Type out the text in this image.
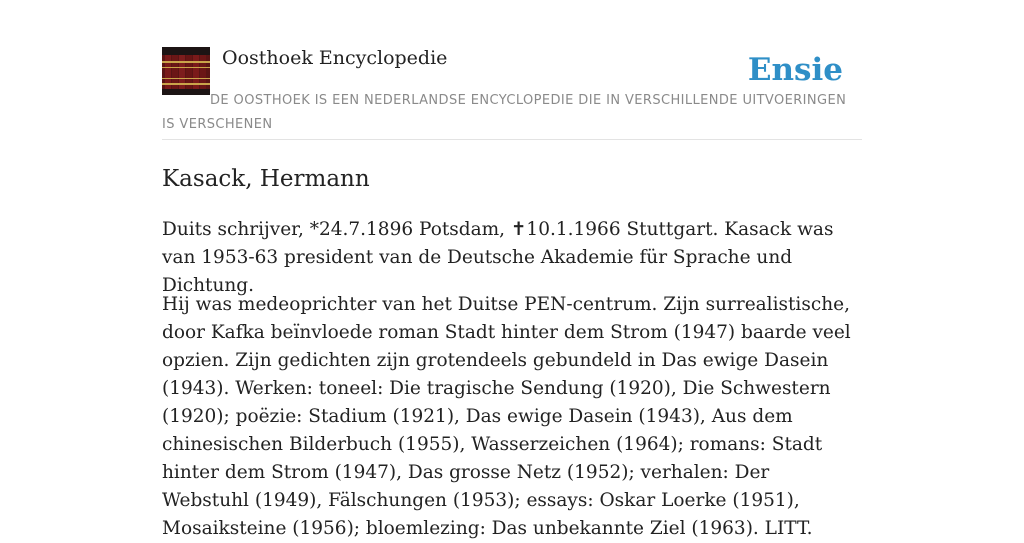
Oosthoek Encyclopedie	Ensie

DE OOSTHOEK IS EEN NEDERLANDSE ENCYCLOPEDIE DIE IN VERSCHILLENDE UITVOERINGEN IS VERSCHENEN

Kasack, Hermann

Duits schrijver, *24.7.1896 Potsdam, ✝10.1.1966 Stuttgart. Kasack was van 1953-63 president van de Deutsche Akademie für Sprache und Dichtung.

Hij was medeoprichter van het Duitse PEN-centrum. Zijn surrealistische, door Kafka beïnvloede roman Stadt hinter dem Strom (1947) baarde veel opzien. Zijn gedichten zijn grotendeels gebundeld in Das ewige Dasein (1943). Werken: toneel: Die tragische Sendung (1920), Die Schwestern (1920); poëzie: Stadium (1921), Das ewige Dasein (1943), Aus dem chinesischen Bilderbuch (1955), Wasserzeichen (1964); romans: Stadt hinter dem Strom (1947), Das grosse Netz (1952); verhalen: Der Webstuhl (1949), Fälschungen (1953); essays: Oskar Loerke (1951), Mosaiksteine (1956); bloemlezing: Das unbekannte Ziel (1963). LITT.
